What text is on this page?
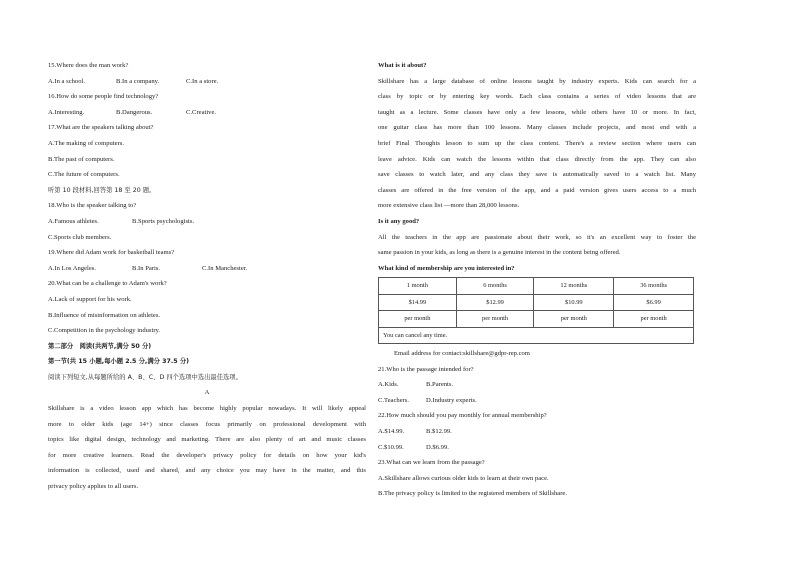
15.Where does the man work?
A.In a school.	B.In a company.	C.In a store.
16.How do some people find technology?
A.Interesting.	B.Dangerous.	C.Creative.
17.What are the speakers talking about?
A.The making of computers.
B.The past of computers.
C.The future of computers.
听第 10 段材料,回答第 18 至 20 题。
18.Who is the speaker talking to?
A.Famous athletes.	B.Sports psychologists.
C.Sports club members.
19.Where did Adam work for basketball teams?
A.In Los Angeles.	B.In Paris.	C.In Manchester.
20.What can be a challenge to Adam's work?
A.Lack of support for his work.
B.Influence of misinformation on athletes.
C.Competition in the psychology industry.
第二部分　阅读(共两节,满分 50 分)
第一节(共 15 小题,每小题 2.5 分,满分 37.5 分)
阅读下列短文,从每题所给的 A、B、C、D 四个选项中选出最佳选项。
A
Skillshare is a video lesson app which has become highly popular nowadays. It will likely appeal
more to older kids (age 14+) since classes focus primarily on professional development with
topics like digital design, technology and marketing. There are also plenty of art and music classes
for more creative learners. Read the developer's privacy policy for details on how your kid's
information is collected, used and shared, and any choice you may have in the matter, and this
privacy policy applies to all users.
What is it about?
Skillshare has a large database of online lessons taught by industry experts. Kids can search for a
class by topic or by entering key words. Each class contains a series of video lessons that are
taught as a lecture. Some classes have only a few lessons, while others have 10 or more. In fact,
one guitar class has more than 100 lessons. Many classes include projects, and most end with a
brief Final Thoughts lesson to sum up the class content. There's a review section where users can
leave advice. Kids can watch the lessons within that class directly from the app. They can also
save classes to watch later, and any class they save is automatically saved to a watch list. Many
classes are offered in the free version of the app, and a paid version gives users access to a much
more extensive class list —more than 28,000 lessons.
Is it any good?
All the teachers in the app are passionate about their work, so it's an excellent way to foster the
same passion in your kids, as long as there is a genuine interest in the content being offered.
What kind of membership are you interested in?
1 month	6 months	12 months	36 months
$14.99	$12.99	$10.99	$6.99
per month	per month	per month	per month
You can cancel any time.			
Email address for contact:skillshare@gdpr-rep.com
21.Who is the passage intended for?
A.Kids.	B.Parents.
C.Teachers.	D.Industry experts.
22.How much should you pay monthly for annual membership?
A.$14.99.	B.$12.99.
C.$10.99.	D.$6.99.
23.What can we learn from the passage?
A.Skillshare allows curious older kids to learn at their own pace.
B.The privacy policy is limited to the registered members of Skillshare.
